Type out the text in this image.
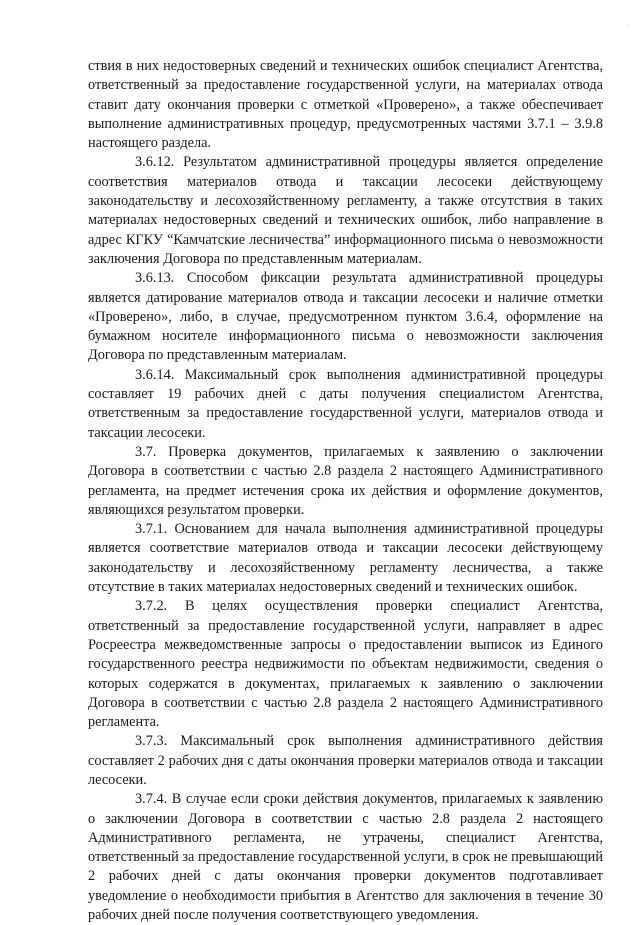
·

ствия в них недостоверных сведений и технических ошибок специалист Агентства, ответственный за предоставление государственной услуги, на материалах отвода ставит дату окончания проверки с отметкой «Проверено», а также обеспечивает выполнение административных процедур, предусмотренных частями 3.7.1 – 3.9.8 настоящего раздела.

3.6.12. Результатом административной процедуры является определение соответствия материалов отвода и таксации лесосеки действующему законодательству и лесохозяйственному регламенту, а также отсутствия в таких материалах недостоверных сведений и технических ошибок, либо направление в адрес КГКУ “Камчатские лесничества” информационного письма о невозможности заключения Договора по представленным материалам.

3.6.13. Способом фиксации результата административной процедуры является датирование материалов отвода и таксации лесосеки и наличие отметки «Проверено», либо, в случае, предусмотренном пунктом 3.6.4, оформление на бумажном носителе информационного письма о невозможности заключения Договора по представленным материалам.

3.6.14. Максимальный срок выполнения административной процедуры составляет 19 рабочих дней с даты получения специалистом Агентства, ответственным за предоставление государственной услуги, материалов отвода и таксации лесосеки.

3.7. Проверка документов, прилагаемых к заявлению о заключении Договора в соответствии с частью 2.8 раздела 2 настоящего Административного регламента, на предмет истечения срока их действия и оформление документов, являющихся результатом проверки.

3.7.1. Основанием для начала выполнения административной процедуры является соответствие материалов отвода и таксации лесосеки действующему законодательству и лесохозяйственному регламенту лесничества, а также отсутствие в таких материалах недостоверных сведений и технических ошибок.

3.7.2. В целях осуществления проверки специалист Агентства, ответственный за предоставление государственной услуги, направляет в адрес Росреестра межведомственные запросы о предоставлении выписок из Единого государственного реестра недвижимости по объектам недвижимости, сведения о которых содержатся в документах, прилагаемых к заявлению о заключении Договора в соответствии с частью 2.8 раздела 2 настоящего Административного регламента.

3.7.3. Максимальный срок выполнения административного действия составляет 2 рабочих дня с даты окончания проверки материалов отвода и таксации лесосеки.

3.7.4. В случае если сроки действия документов, прилагаемых к заявлению о заключении Договора в соответствии с частью 2.8 раздела 2 настоящего Административного регламента, не утрачены, специалист Агентства, ответственный за предоставление государственной услуги, в срок не превышающий 2 рабочих дней с даты окончания проверки документов подготавливает уведомление о необходимости прибытия в Агентство для заключения в течение 30 рабочих дней после получения соответствующего уведомления.
